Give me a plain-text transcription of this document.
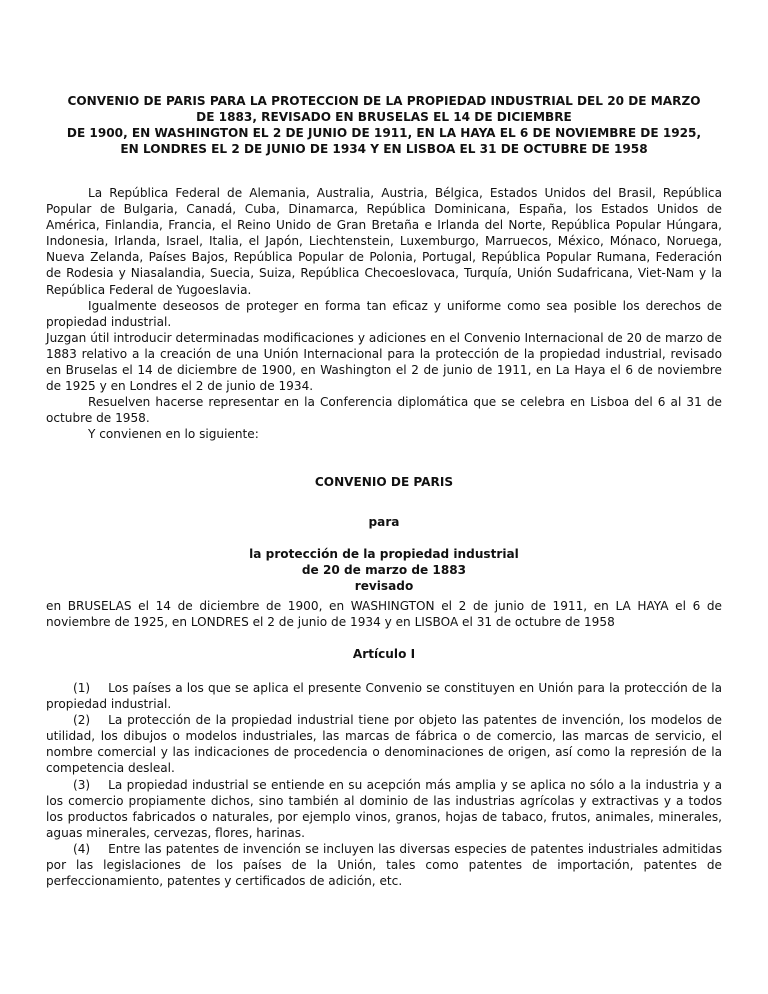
CONVENIO DE PARIS PARA LA PROTECCION DE LA PROPIEDAD INDUSTRIAL DEL 20 DE MARZO
DE 1883, REVISADO EN BRUSELAS EL 14 DE DICIEMBRE
DE 1900, EN WASHINGTON EL 2 DE JUNIO DE 1911, EN LA HAYA EL 6 DE NOVIEMBRE DE 1925,
EN LONDRES EL 2 DE JUNIO DE 1934 Y EN LISBOA EL 31 DE OCTUBRE DE 1958

La República Federal de Alemania, Australia, Austria, Bélgica, Estados Unidos del Brasil, República Popular de Bulgaria, Canadá, Cuba, Dinamarca, República Dominicana, España, los Estados Unidos de América, Finlandia, Francia, el Reino Unido de Gran Bretaña e Irlanda del Norte, República Popular Húngara, Indonesia, Irlanda, Israel, Italia, el Japón, Liechtenstein, Luxemburgo, Marruecos, México, Mónaco, Noruega, Nueva Zelanda, Países Bajos, República Popular de Polonia, Portugal, República Popular Rumana, Federación de Rodesia y Niasalandia, Suecia, Suiza, República Checoeslovaca, Turquía, Unión Sudafricana, Viet-Nam y la República Federal de Yugoeslavia.

Igualmente deseosos de proteger en forma tan eficaz y uniforme como sea posible los derechos de propiedad industrial.

Juzgan útil introducir determinadas modificaciones y adiciones en el Convenio Internacional de 20 de marzo de 1883 relativo a la creación de una Unión Internacional para la protección de la propiedad industrial, revisado en Bruselas el 14 de diciembre de 1900, en Washington el 2 de junio de 1911, en La Haya el 6 de noviembre de 1925 y en Londres el 2 de junio de 1934.

Resuelven hacerse representar en la Conferencia diplomática que se celebra en Lisboa del 6 al 31 de octubre de 1958.

Y convienen en lo siguiente:

CONVENIO DE PARIS

para

la protección de la propiedad industrial

de 20 de marzo de 1883

revisado

en BRUSELAS el 14 de diciembre de 1900, en WASHINGTON el 2 de junio de 1911, en LA HAYA el 6 de noviembre de 1925, en LONDRES el 2 de junio de 1934 y en LISBOA el 31 de octubre de 1958

Artículo I

(1) Los países a los que se aplica el presente Convenio se constituyen en Unión para la protección de la propiedad industrial.

(2) La protección de la propiedad industrial tiene por objeto las patentes de invención, los modelos de utilidad, los dibujos o modelos industriales, las marcas de fábrica o de comercio, las marcas de servicio, el nombre comercial y las indicaciones de procedencia o denominaciones de origen, así como la represión de la competencia desleal.

(3) La propiedad industrial se entiende en su acepción más amplia y se aplica no sólo a la industria y a los comercio propiamente dichos, sino también al dominio de las industrias agrícolas y extractivas y a todos los productos fabricados o naturales, por ejemplo vinos, granos, hojas de tabaco, frutos, animales, minerales, aguas minerales, cervezas, flores, harinas.

(4) Entre las patentes de invención se incluyen las diversas especies de patentes industriales admitidas por las legislaciones de los países de la Unión, tales como patentes de importación, patentes de perfeccionamiento, patentes y certificados de adición, etc.
